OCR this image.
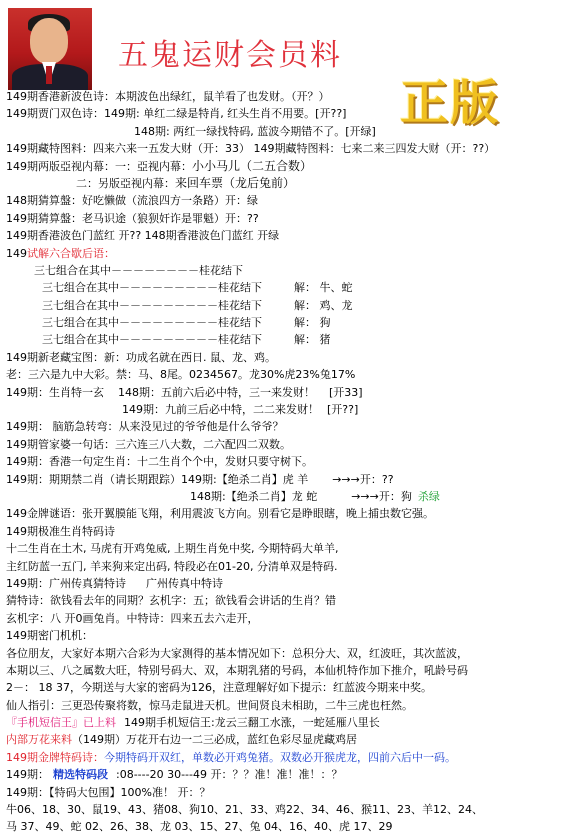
五鬼运财会员料
正版
149期香港新波色诗：本期波色出绿红，鼠羊看了也发财。（开？）
149期贾门双色诗：149期: 单红二绿是特肖, 红头生肖不用要。[开??]
148期: 两红一绿找特码, 蓝波今期错不了。[开绿]
149期藏特图料：四来六来一五发大财（开：33） 149期藏特图料：七来二来三四发大财（开：??）
149期两版亞视内幕：一：亞视内幕：小小马儿（二五合数）
二：另版亞视内幕：来回车票（龙后兔前）
148期猜算盤：好吃懒做（流浪四方一条路）开：绿
149期猜算盤：老马识途（狼狈奸诈是罪魁）开：??
149期香港波色门蓝红 开?? 148期香港波色门蓝红 开绿
149试解六合歇后语：
三七组合在其中－－－－－－－－桂花结下
三七组合在其中－－－－－－－－－桂花结下	解： 牛、蛇
三七组合在其中－－－－－－－－－桂花结下	解： 鸡、龙
三七组合在其中－－－－－－－－－桂花结下	解： 狗
三七组合在其中－－－－－－－－－桂花结下	解： 猪
149期新老藏宝图：新：功成名就在西日. 鼠、龙、鸡。
老：三六是九中大彩。禁：马、8尾。0234567。龙30%虎23%兔17%
149期：生肖特一玄 148期：五前六后必中特，三一来发财！ [开33]
149期：九前三后必中特，二二来发财！ [开??]
149期： 脑筋急转弯：从来没见过的爷爷他是什么爷爷？
149期管家婆一句话：三六连三八大数，二六配四二双数。
149期：香港一句定生肖：十二生肖个个中，发财只要守树下。
149期：期期禁二肖（请长期跟踪）149期:【绝杀二肖】虎 羊 →→→开：??
148期:【绝杀二肖】龙 蛇	→→→开：狗 杀绿
149金牌谜语：张开翼膜能飞翔，利用震波飞方向。别看它是睁眼瞎，晚上捕虫数它强。
149期极准生肖特码诗
十二生肖在土木, 马虎有开鸡兔威, 上期生肖免中奖, 今期特码大单羊,
主红防蓝一五门, 羊来狗来定出码, 特段必在01-20, 分清单双是特码.
149期：广州传真猜特诗 广州传真中特诗
猜特诗：欲钱看去年的同期？玄机字：五；欲钱看会讲话的生肖？错
玄机字：八 开0画兔肖。中特诗：四来五去六走开，
149期密门机机：
各位朋友，大家好本期六合彩为大家测得的基本情况如下：总积分大、双，红波旺，其次蓝波，
本期以三、八之属数大旺，特别号码大、双，本期乳猪的号码，本仙机特作加下推介，吼龄号码
2－： 18 37，今期送与大家的密码为126，注意理解好如下提示：红蓝波今期来中奖。
仙人指引：三更恐传聚将数，惊马走鼠进天机。世间贤良未相助，二牛三虎也枉然。
『手机短信王』已上料 149期手机短信王:龙云三翻工水涨，一蛇延雁八里长
内部万花来料（149期）万花开右边一二三必成，蓝红色彩尽显虎藏鸡居
149期金牌特码诗：今期特码开双红，单数必开鸡兔猪。双数必开猴虎龙，四前六后中一码。
149期： 精选特码段 :08----20 30---49 开：？？准！准！准！：？
149期：【特码大包围】100%准！ 开：？
牛06、18、30、鼠19、43、猪08、狗10、21、33、鸡22、34、46、猴11、23、羊12、24、
马 37、49、蛇 02、26、38、龙 03、15、27、兔 04、16、40、虎 17、29
